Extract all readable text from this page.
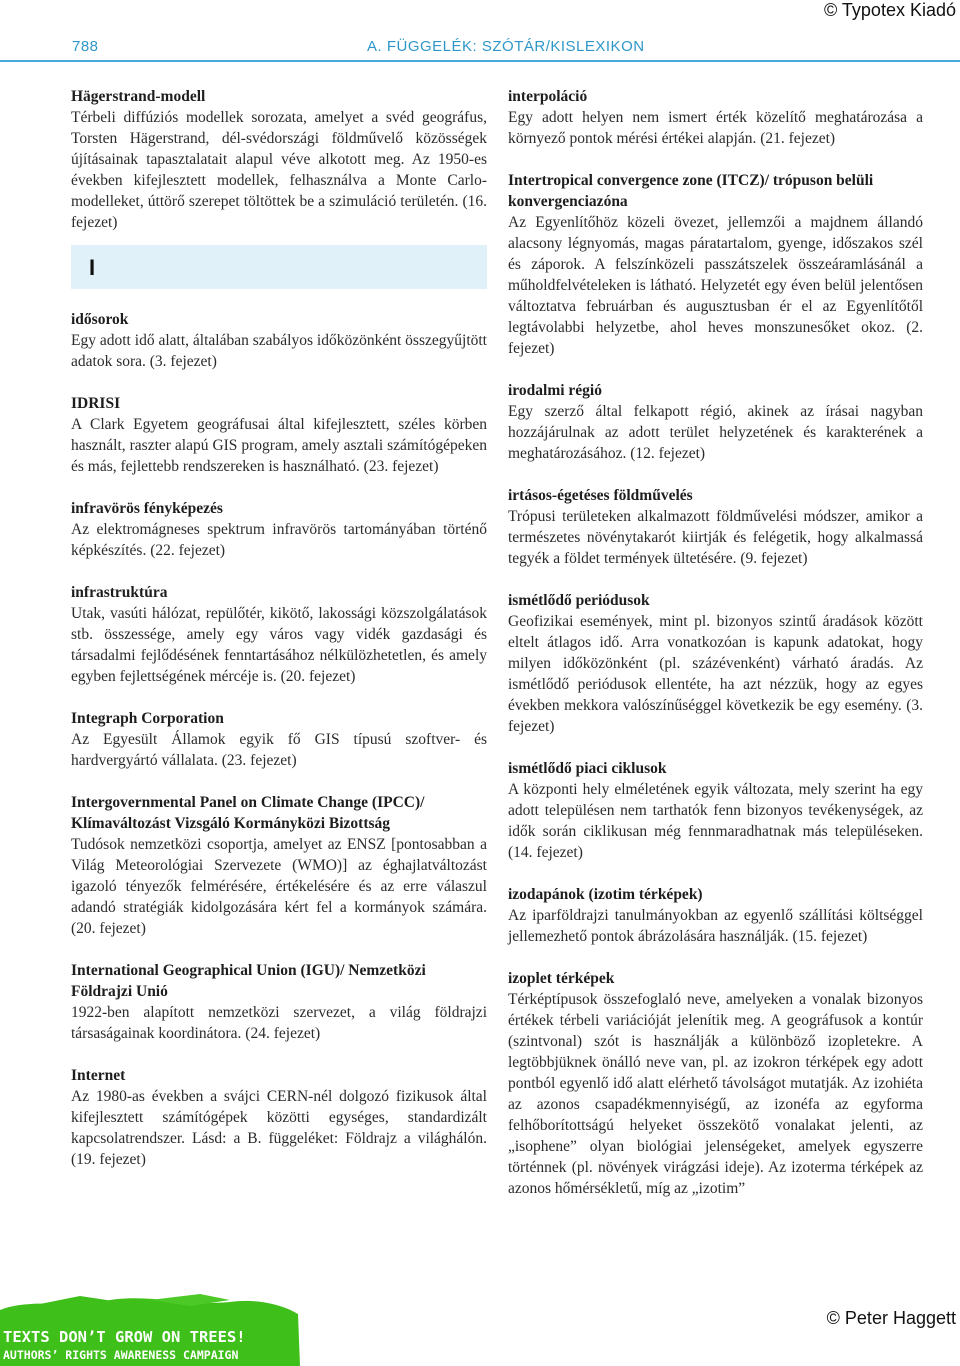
© Typotex Kiadó
788	A. FÜGGELÉK: SZÓTÁR/KISLEXIKON
Hägerstrand-modell

Térbeli diffúziós modellek sorozata, amelyet a svéd geográfus, Torsten Hägerstrand, dél-svédországi földművelő közösségek újításainak tapasztalatait alapul véve alkotott meg. Az 1950-es években kifejlesztett modellek, felhasználva a Monte Carlo-modelleket, úttörő szerepet töltöttek be a szimuláció területén. (16. fejezet)

I
idősorok

Egy adott idő alatt, általában szabályos időközönként összegyűjtött adatok sora. (3. fejezet)

IDRISI

A Clark Egyetem geográfusai által kifejlesztett, széles körben használt, raszter alapú GIS program, amely asztali számítógépeken és más, fejlettebb rendszereken is használható. (23. fejezet)

infravörös fényképezés

Az elektromágneses spektrum infravörös tartományában történő képkészítés. (22. fejezet)

infrastruktúra

Utak, vasúti hálózat, repülőtér, kikötő, lakossági közszolgálatások stb. összessége, amely egy város vagy vidék gazdasági és társadalmi fejlődésének fenntartásához nélkülözhetetlen, és amely egyben fejlettségének mércéje is. (20. fejezet)

Integraph Corporation

Az Egyesült Államok egyik fő GIS típusú szoftver- és hardvergyártó vállalata. (23. fejezet)

Intergovernmental Panel on Climate Change (IPCC)/ Klímaváltozást Vizsgáló Kormányközi Bizottság

Tudósok nemzetközi csoportja, amelyet az ENSZ [pontosabban a Világ Meteorológiai Szervezete (WMO)] az éghajlatváltozást igazoló tényezők felmérésére, értékelésére és az erre válaszul adandó stratégiák kidolgozására kért fel a kormányok számára. (20. fejezet)

International Geographical Union (IGU)/ Nemzetközi Földrajzi Unió

1922-ben alapított nemzetközi szervezet, a világ földrajzi társaságainak koordinátora. (24. fejezet)

Internet

Az 1980-as években a svájci CERN-nél dolgozó fizikusok által kifejlesztett számítógépek közötti egységes, standardizált kapcsolatrendszer. Lásd: a B. függeléket: Földrajz a világhálón. (19. fejezet)

interpoláció

Egy adott helyen nem ismert érték közelítő meghatározása a környező pontok mérési értékei alapján. (21. fejezet)

Intertropical convergence zone (ITCZ)/ trópuson belüli konvergenciazóna

Az Egyenlítőhöz közeli övezet, jellemzői a majdnem állandó alacsony légnyomás, magas páratartalom, gyenge, időszakos szél és záporok. A felszínközeli passzátszelek összeáramlásánál a műholdfelvételeken is látható. Helyzetét egy éven belül jelentősen változtatva februárban és augusztusban ér el az Egyenlítőtől legtávolabbi helyzetbe, ahol heves monszunesőket okoz. (2. fejezet)

irodalmi régió

Egy szerző által felkapott régió, akinek az írásai nagyban hozzájárulnak az adott terület helyzetének és karakterének a meghatározásához. (12. fejezet)

irtásos-égetéses földművelés

Trópusi területeken alkalmazott földművelési módszer, amikor a természetes növénytakarót kiirtják és felégetik, hogy alkalmassá tegyék a földet termények ültetésére. (9. fejezet)

ismétlődő periódusok

Geofizikai események, mint pl. bizonyos szintű áradások között eltelt átlagos idő. Arra vonatkozóan is kapunk adatokat, hogy milyen időközönként (pl. százévenként) várható áradás. Az ismétlődő periódusok ellentéte, ha azt nézzük, hogy az egyes években mekkora valószínűséggel következik be egy esemény. (3. fejezet)

ismétlődő piaci ciklusok

A központi hely elméletének egyik változata, mely szerint ha egy adott településen nem tarthatók fenn bizonyos tevékenységek, az idők során ciklikusan még fennmaradhatnak más településeken. (14. fejezet)

izodapánok (izotim térképek)

Az iparföldrajzi tanulmányokban az egyenlő szállítási költséggel jellemezhető pontok ábrázolására használják. (15. fejezet)

izoplet térképek

Térképtípusok összefoglaló neve, amelyeken a vonalak bizonyos értékek térbeli variációját jelenítik meg. A geográfusok a kontúr (szintvonal) szót is használják a különböző izopletekre. A legtöbbjüknek önálló neve van, pl. az izokron térképek egy adott pontból egyenlő idő alatt elérhető távolságot mutatják. Az izohiéta az azonos csapadékmennyiségű, az izonéfa az egyforma felhőborítottságú helyeket összekötő vonalakat jelenti, az „isophene” olyan biológiai jelenségeket, amelyek egyszerre történnek (pl. növények virágzási ideje). Az izoterma térképek az azonos hőmérsékletű, míg az „izotim”

© Peter Haggett
TEXTS DON’T GROW ON TREES!
AUTHORS’ RIGHTS AWARENESS CAMPAIGN
